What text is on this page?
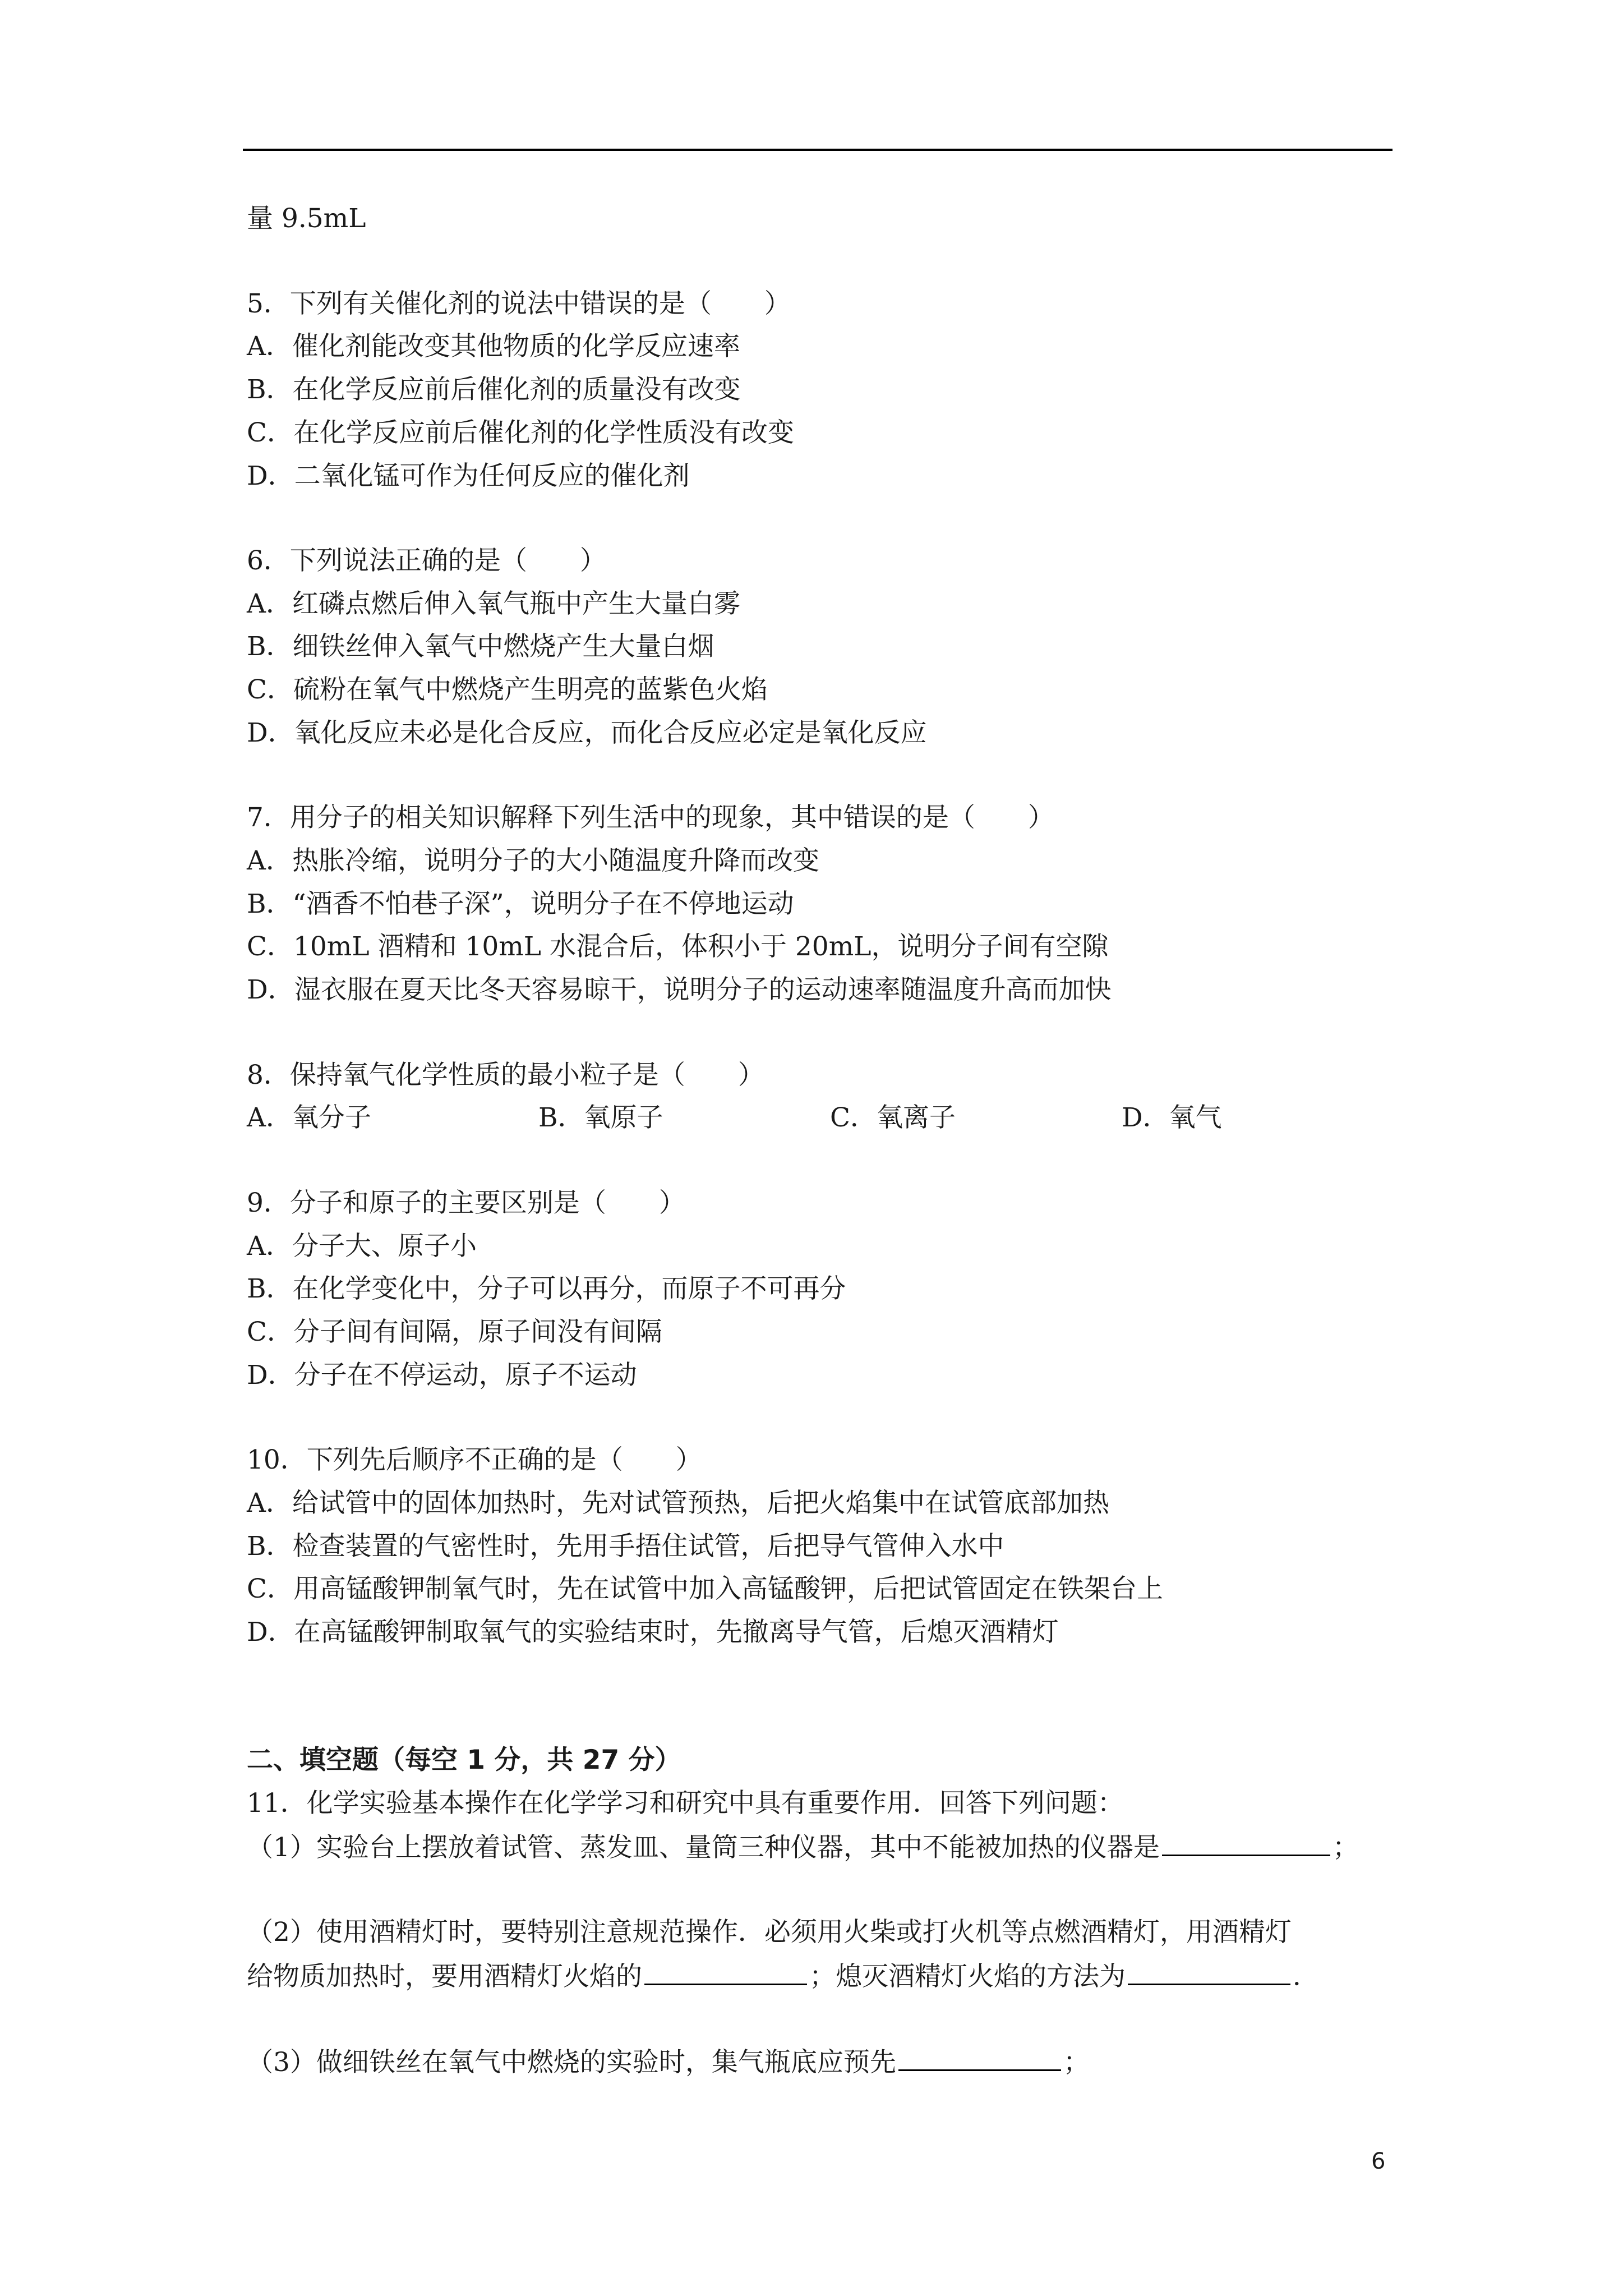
量 9.5mL
5．下列有关催化剂的说法中错误的是（　　）
A．催化剂能改变其他物质的化学反应速率
B．在化学反应前后催化剂的质量没有改变
C．在化学反应前后催化剂的化学性质没有改变
D．二氧化锰可作为任何反应的催化剂
6．下列说法正确的是（　　）
A．红磷点燃后伸入氧气瓶中产生大量白雾
B．细铁丝伸入氧气中燃烧产生大量白烟
C．硫粉在氧气中燃烧产生明亮的蓝紫色火焰
D．氧化反应未必是化合反应，而化合反应必定是氧化反应
7．用分子的相关知识解释下列生活中的现象，其中错误的是（　　）
A．热胀冷缩，说明分子的大小随温度升降而改变
B．“酒香不怕巷子深”，说明分子在不停地运动
C．10mL 酒精和 10mL 水混合后，体积小于 20mL，说明分子间有空隙
D．湿衣服在夏天比冬天容易晾干，说明分子的运动速率随温度升高而加快
8．保持氧气化学性质的最小粒子是（　　）
A．氧分子	B．氧原子	C．氧离子	D．氧气
9．分子和原子的主要区别是（　　）
A．分子大、原子小
B．在化学变化中，分子可以再分，而原子不可再分
C．分子间有间隔，原子间没有间隔
D．分子在不停运动，原子不运动
10．下列先后顺序不正确的是（　　）
A．给试管中的固体加热时，先对试管预热，后把火焰集中在试管底部加热
B．检查装置的气密性时，先用手捂住试管，后把导气管伸入水中
C．用高锰酸钾制氧气时，先在试管中加入高锰酸钾，后把试管固定在铁架台上
D．在高锰酸钾制取氧气的实验结束时，先撤离导气管，后熄灭酒精灯
二、填空题（每空 1 分，共 27 分）
11．化学实验基本操作在化学学习和研究中具有重要作用．回答下列问题：
（1）实验台上摆放着试管、蒸发皿、量筒三种仪器，其中不能被加热的仪器是	；
（2）使用酒精灯时，要特别注意规范操作．必须用火柴或打火机等点燃酒精灯，用酒精灯
给物质加热时，要用酒精灯火焰的	；熄灭酒精灯火焰的方法为	．
（3）做细铁丝在氧气中燃烧的实验时，集气瓶底应预先	；
6
